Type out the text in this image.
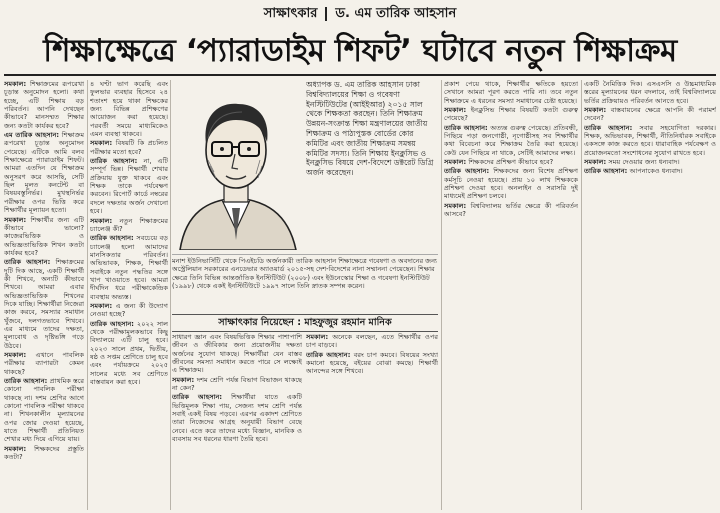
সাক্ষাৎকার ড. এম তারিক আহসান
শিক্ষাক্ষেত্রে ‘প্যারাডাইম শিফট’ ঘটাবে নতুন শিক্ষাক্রম

সমকাল: শিক্ষাক্রমের রূপরেখা চূড়ান্ত অনুমোদন হলো। কথা হচ্ছে, এটি শিক্ষায় বড় পরিবর্তন। আপনি দেখছেন কীভাবে? মানসম্মত শিক্ষার জন্য কতটা কার্যকর হবে?

এম তারিক আহসান: শিক্ষাক্রম রূপরেখা চূড়ান্ত অনুমোদন পেয়েছে। এটিকে আমি বলব শিক্ষাক্ষেত্রে প্যারাডাইম শিফট। আমরা এতদিন যে শিক্ষাক্রম অনুসরণ করে আসছি, সেটি ছিল মূলত কনটেন্ট বা বিষয়বস্তুনির্ভর। মুখস্থনির্ভর পরীক্ষার ওপর ভিত্তি করে শিক্ষার্থীর মূল্যায়ন হতো।

সমকাল: শিক্ষার্থীর জন্য এটি কীভাবে ভালো? কাজেরভিত্তিক ও অভিজ্ঞতাভিত্তিক শিখন কতটা কার্যকর হবে?

তারিক আহসান: শিক্ষাক্রমের দুটি দিক আছে, একটি শিক্ষার্থী কী শিখবে, অন্যটি কীভাবে শিখবে। আমরা এবার অভিজ্ঞতাভিত্তিক শিখনের দিকে যাচ্ছি। শিক্ষার্থীরা নিজেরা কাজ করবে, সমস্যার সমাধান খুঁজবে, দলগতভাবে শিখবে। এর মাধ্যমে তাদের দক্ষতা, মূল্যবোধ ও দৃষ্টিভঙ্গি গড়ে উঠবে।

সমকাল: এখানে পাবলিক পরীক্ষার ব্যাপারটা কেমন থাকছে?

তারিক আহসান: প্রাথমিক স্তরে কোনো পাবলিক পরীক্ষা থাকছে না। দশম শ্রেণির আগে কোনো পাবলিক পরীক্ষা থাকবে না। শিখনকালীন মূল্যায়নের ওপর জোর দেওয়া হয়েছে, যাতে শিক্ষার্থী প্রতিনিয়ত শেখার মধ্য দিয়ে এগিয়ে যায়।

সমকাল: শিক্ষকদের প্রস্তুতি কতটা?

৪ ঘণ্টা ভাগ করেছি এবং ফুলভার ব্যবহার হিসেবে ২৪ শতাংশ হয়ে থাকা শিক্ষকের জন্য বিভিন্ন প্রশিক্ষণের আয়োজন করা হয়েছে। পরবর্তী সময়ে মাধ্যমিকেও এমন ব্যবস্থা থাকবে।

সমকাল: বিষয়টি কি প্রচলিত পরীক্ষার মতো হবে?

তারিক আহসান: না, এটি সম্পূর্ণ ভিন্ন। শিক্ষার্থী শেখার প্রক্রিয়ায় যুক্ত থাকবে এবং শিক্ষক তাকে পর্যবেক্ষণ করবেন। রিপোর্ট কার্ডে নম্বরের বদলে দক্ষতার অর্জন দেখানো হবে।

সমকাল: নতুন শিক্ষাক্রমের চ্যালেঞ্জ কী?

তারিক আহসান: সবচেয়ে বড় চ্যালেঞ্জ হলো আমাদের মানসিকতার পরিবর্তন। অভিভাবক, শিক্ষক, শিক্ষার্থী সবাইকে নতুন পদ্ধতির সঙ্গে খাপ খাওয়াতে হবে। আমরা দীর্ঘদিন ধরে পরীক্ষাকেন্দ্রিক ব্যবস্থায় অভ্যস্ত।

সমকাল: এ জন্য কী উদ্যোগ নেওয়া হচ্ছে?

তারিক আহসান: ২০২২ সাল থেকে পরীক্ষামূলকভাবে কিছু বিদ্যালয়ে এটি চালু হবে। ২০২৩ সালে প্রথম, দ্বিতীয়, ষষ্ঠ ও সপ্তম শ্রেণিতে চালু হবে এবং পর্যায়ক্রমে ২০২৫ সালের মধ্যে সব শ্রেণিতে বাস্তবায়ন করা হবে।

অধ্যাপক ড. এম তারিক আহসান ঢাকা বিশ্ববিদ্যালয়ের শিক্ষা ও গবেষণা ইনস্টিটিউটের (আইইআর) ২০১৫ সাল থেকে শিক্ষকতা করছেন। তিনি শিক্ষাক্রম উন্নয়ন-সংক্রান্ত শিক্ষা মন্ত্রণালয়ের জাতীয় শিক্ষাক্রম ও পাঠ্যপুস্তক বোর্ডের কোর কমিটির এবং জাতীয় শিক্ষাক্রম সমন্বয় কমিটির সদস্য। তিনি শিক্ষায় ইনক্লুসিভ ও ইনক্লুসিভ বিষয়ে দেশ-বিদেশে ডক্টরেট ডিগ্রি অর্জন করেছেন।

মনাশ ইউনিভার্সিটি থেকে পিএইচডি অর্জনকারী তারিক আহসান শিক্ষাক্ষেত্রে গবেষণা ও অবদানের জন্য অস্ট্রেলিয়ান সরকারের এনডেভার অ্যাওয়ার্ড ২০১৫-সহ দেশ-বিদেশের নানা সম্মাননা পেয়েছেন। শিক্ষার ক্ষেত্রে তিনি বিভিন্ন আন্তর্জাতিক ইনস্টিটিউট (২০০৮) এবং ইউনেস্কোর শিক্ষা ও গবেষণা ইনস্টিটিউট (১৯৯৮) থেকে একই ইনস্টিটিউটে ১৯৯৭ সালে তিনি স্নাতক সম্পন্ন করেন।
সাক্ষাৎকার নিয়েছেন : মাহফুজুর রহমান মানিক

সাধারণ জ্ঞান এবং বিষয়ভিত্তিক শিক্ষার পাশাপাশি জীবন ও জীবিকার জন্য প্রয়োজনীয় দক্ষতা অর্জনের সুযোগ থাকছে। শিক্ষার্থীরা যেন বাস্তব জীবনের সমস্যা সমাধান করতে পারে সে লক্ষ্যেই এ শিক্ষাক্রম।

সমকাল: দশম শ্রেণি পর্যন্ত বিভাগ বিভাজন থাকছে না কেন?

তারিক আহসান: শিক্ষার্থীরা যাতে একটি ভিত্তিমূলক শিক্ষা পায়, সেজন্য দশম শ্রেণি পর্যন্ত সবাই একই বিষয় পড়বে। এরপর একাদশ শ্রেণিতে তারা নিজেদের আগ্রহ অনুযায়ী বিভাগ বেছে নেবে। এতে করে তাদের মধ্যে বিজ্ঞান, মানবিক ও ব্যবসায় সব ধরনের ধারণা তৈরি হবে।

সমকাল: অনেকে বলছেন, এতে শিক্ষার্থীর ওপর চাপ বাড়বে।

তারিক আহসান: বরং চাপ কমবে। বিষয়ের সংখ্যা কমানো হয়েছে, বইয়ের বোঝা কমছে। শিক্ষার্থী আনন্দের সঙ্গে শিখবে।

প্রকাশ পেয়ে থাকে, শিক্ষার্থীর ক্ষতিকে হয়তো সেখানে আমরা পূরণ করতে পারি না। তবে নতুন শিক্ষাক্রমে এ ধরনের সমস্যা সমাধানের চেষ্টা হয়েছে।

সমকাল: ইনক্লুসিভ শিক্ষার বিষয়টি কতটা গুরুত্ব পেয়েছে?

তারিক আহসান: অত্যন্ত গুরুত্ব পেয়েছে। প্রতিবন্ধী, পিছিয়ে পড়া জনগোষ্ঠী, নৃগোষ্ঠীসহ সব শিক্ষার্থীর কথা বিবেচনা করে শিক্ষাক্রম তৈরি করা হয়েছে। কেউ যেন পিছিয়ে না থাকে, সেটিই আমাদের লক্ষ্য।

সমকাল: শিক্ষকদের প্রশিক্ষণ কীভাবে হবে?

তারিক আহসান: শিক্ষকদের জন্য বিশেষ প্রশিক্ষণ কর্মসূচি নেওয়া হয়েছে। প্রায় ১০ লাখ শিক্ষককে প্রশিক্ষণ দেওয়া হবে। অনলাইন ও সরাসরি দুই মাধ্যমেই প্রশিক্ষণ চলবে।

সমকাল: বিশ্ববিদ্যালয় ভর্তির ক্ষেত্রে কী পরিবর্তন আসবে?

একটি নৈমিত্তিক দিক। এসএসসি ও উচ্চমাধ্যমিক স্তরের মূল্যায়নের ধরন বদলাবে, তাই বিশ্ববিদ্যালয়ে ভর্তির প্রক্রিয়ায়ও পরিবর্তন আনতে হবে।

সমকাল: বাস্তবায়নের ক্ষেত্রে আপনি কী পরামর্শ দেবেন?

তারিক আহসান: সবার সহযোগিতা দরকার। শিক্ষক, অভিভাবক, শিক্ষার্থী, নীতিনির্ধারক সবাইকে একসঙ্গে কাজ করতে হবে। ধারাবাহিক পর্যবেক্ষণ ও প্রয়োজনমতো সংশোধনের সুযোগ রাখতে হবে।

সমকাল: সময় দেওয়ার জন্য ধন্যবাদ।

তারিক আহসান: আপনাকেও ধন্যবাদ।
